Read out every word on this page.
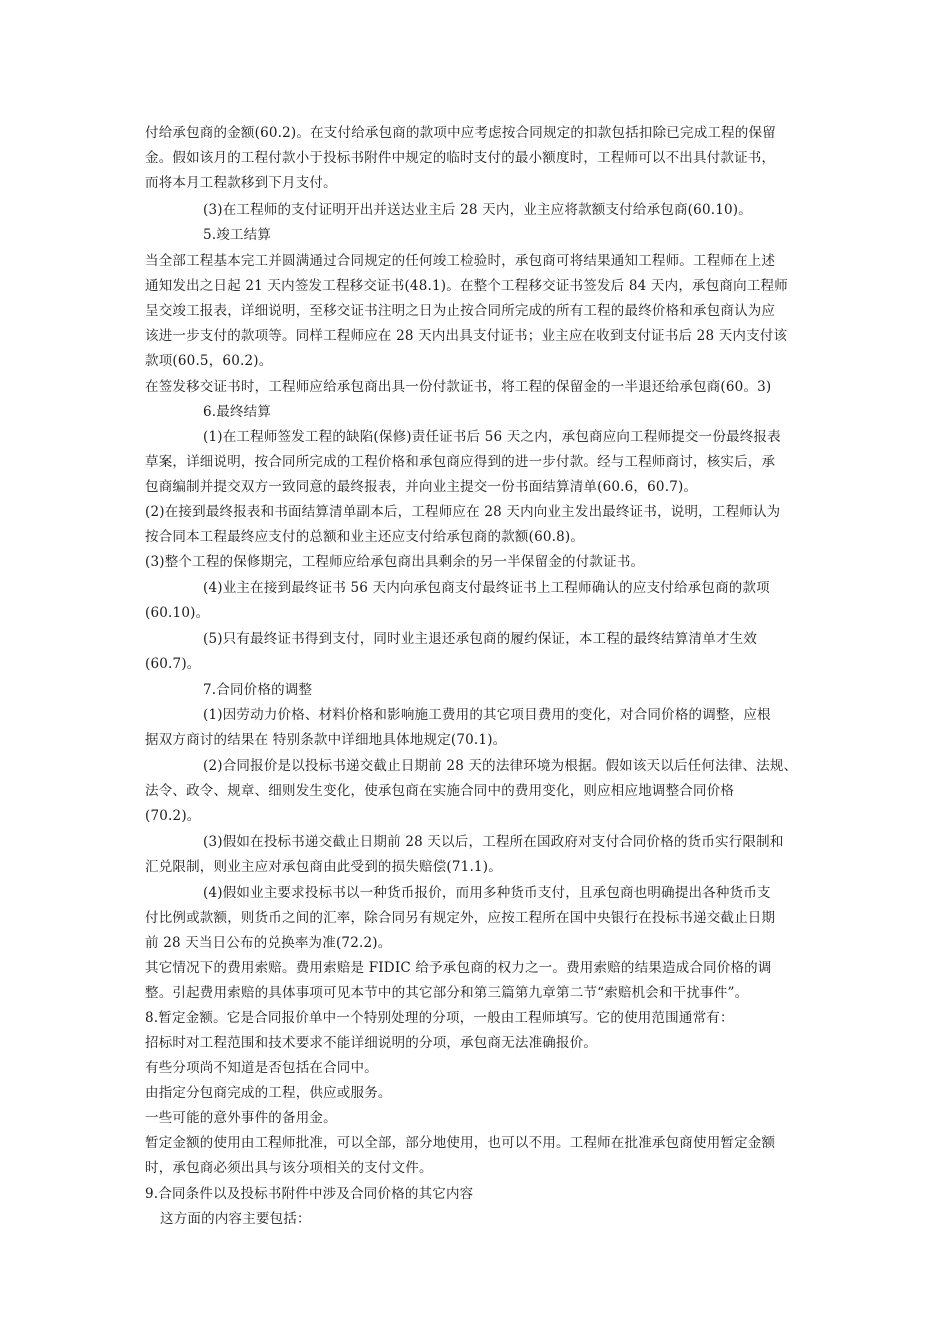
付给承包商的金额(60.2)。在支付给承包商的款项中应考虑按合同规定的扣款包括扣除已完成工程的保留
金。假如该月的工程付款小于投标书附件中规定的临时支付的最小额度时，工程师可以不出具付款证书，
而将本月工程款移到下月支付。
(3)在工程师的支付证明开出并送达业主后 28 天内，业主应将款额支付给承包商(60.10)。
5.竣工结算
当全部工程基本完工并圆满通过合同规定的任何竣工检验时，承包商可将结果通知工程师。工程师在上述
通知发出之日起 21 天内签发工程移交证书(48.1)。在整个工程移交证书签发后 84 天内，承包商向工程师
呈交竣工报表，详细说明，至移交证书注明之日为止按合同所完成的所有工程的最终价格和承包商认为应
该进一步支付的款项等。同样工程师应在 28 天内出具支付证书；业主应在收到支付证书后 28 天内支付该
款项(60.5，60.2)。
在签发移交证书时，工程师应给承包商出具一份付款证书，将工程的保留金的一半退还给承包商(60。3)
6.最终结算
(1)在工程师签发工程的缺陷(保修)责任证书后 56 天之内，承包商应向工程师提交一份最终报表
草案，详细说明，按合同所完成的工程价格和承包商应得到的进一步付款。经与工程师商讨，核实后，承
包商编制并提交双方一致同意的最终报表，并向业主提交一份书面结算清单(60.6，60.7)。
(2)在接到最终报表和书面结算清单副本后，工程师应在 28 天内向业主发出最终证书，说明，工程师认为
按合同本工程最终应支付的总额和业主还应支付给承包商的款额(60.8)。
(3)整个工程的保修期完，工程师应给承包商出具剩余的另一半保留金的付款证书。
(4)业主在接到最终证书 56 天内向承包商支付最终证书上工程师确认的应支付给承包商的款项
(60.10)。
(5)只有最终证书得到支付，同时业主退还承包商的履约保证，本工程的最终结算清单才生效
(60.7)。
7.合同价格的调整
(1)因劳动力价格、材料价格和影响施工费用的其它项目费用的变化，对合同价格的调整，应根
据双方商讨的结果在 特别条款中详细地具体地规定(70.1)。
(2)合同报价是以投标书递交截止日期前 28 天的法律环境为根据。假如该天以后任何法律、法规、
法令、政令、规章、细则发生变化，使承包商在实施合同中的费用变化，则应相应地调整合同价格
(70.2)。
(3)假如在投标书递交截止日期前 28 天以后，工程所在国政府对支付合同价格的货币实行限制和
汇兑限制，则业主应对承包商由此受到的损失赔偿(71.1)。
(4)假如业主要求投标书以一种货币报价，而用多种货币支付，且承包商也明确提出各种货币支
付比例或款额，则货币之间的汇率，除合同另有规定外，应按工程所在国中央银行在投标书递交截止日期
前 28 天当日公布的兑换率为准(72.2)。
其它情况下的费用索赔。费用索赔是 FIDIC 给予承包商的权力之一。费用索赔的结果造成合同价格的调
整。引起费用索赔的具体事项可见本节中的其它部分和第三篇第九章第二节“索赔机会和干扰事件”。
8.暂定金额。它是合同报价单中一个特别处理的分项，一般由工程师填写。它的使用范围通常有：
招标时对工程范围和技术要求不能详细说明的分项，承包商无法准确报价。
有些分项尚不知道是否包括在合同中。
由指定分包商完成的工程，供应或服务。
一些可能的意外事件的备用金。
暂定金额的使用由工程师批准，可以全部，部分地使用，也可以不用。工程师在批准承包商使用暂定金额
时，承包商必须出具与该分项相关的支付文件。
9.合同条件以及投标书附件中涉及合同价格的其它内容
这方面的内容主要包括：
